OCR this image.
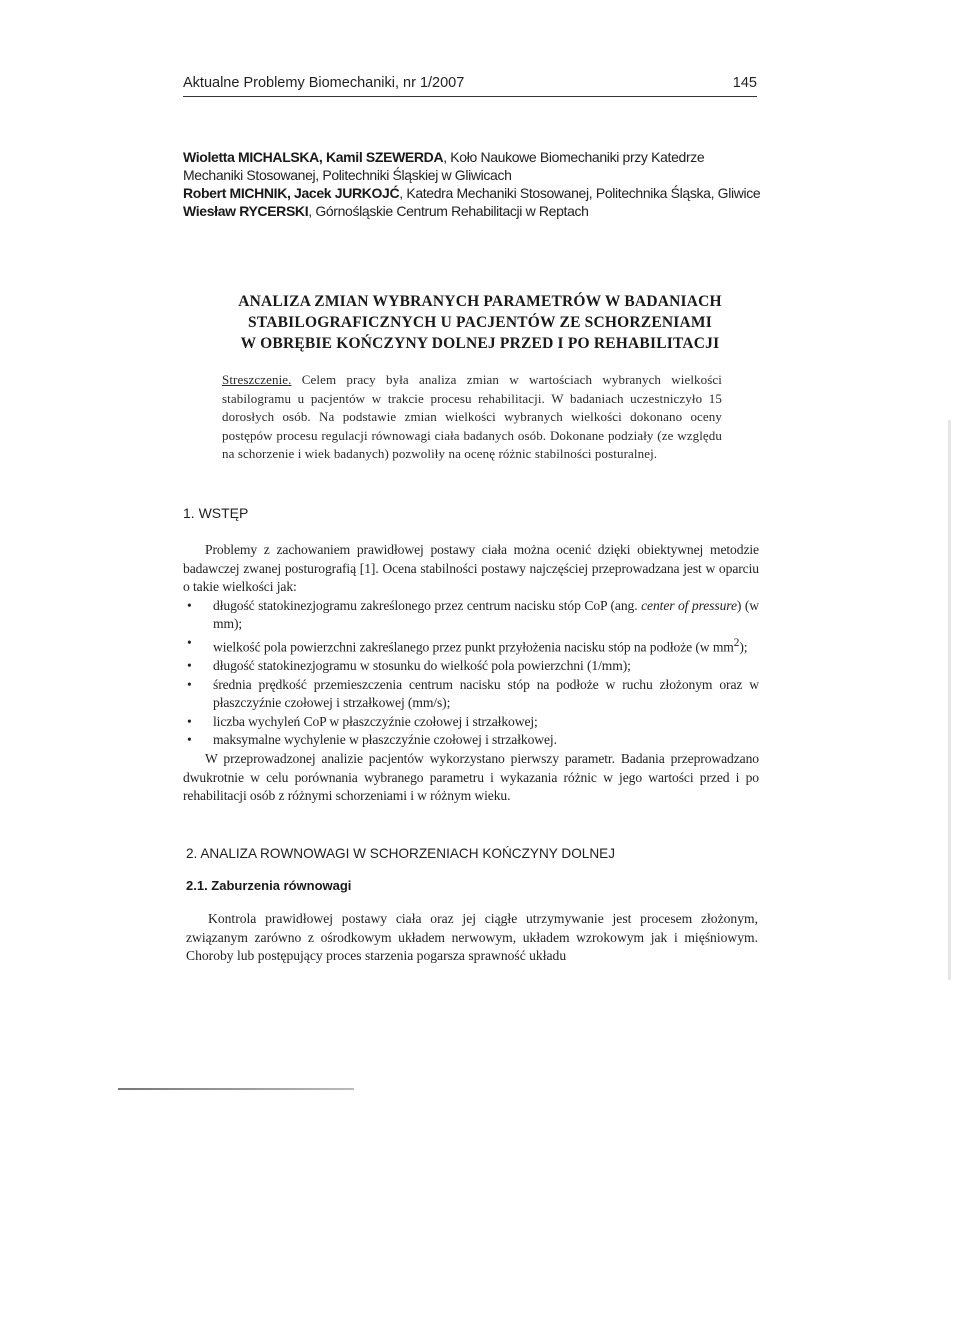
Aktualne Problemy Biomechaniki, nr 1/2007	145

Wioletta MICHALSKA, Kamil SZEWERDA, Koło Naukowe Biomechaniki przy Katedrze Mechaniki Stosowanej, Politechniki Śląskiej w Gliwicach

Robert MICHNIK, Jacek JURKOJĆ, Katedra Mechaniki Stosowanej, Politechnika Śląska, Gliwice

Wiesław RYCERSKI, Górnośląskie Centrum Rehabilitacji w Reptach

ANALIZA ZMIAN WYBRANYCH PARAMETRÓW W BADANIACH
STABILOGRAFICZNYCH U PACJENTÓW ZE SCHORZENIAMI
W OBRĘBIE KOŃCZYNY DOLNEJ PRZED I PO REHABILITACJI
Streszczenie. Celem pracy była analiza zmian w wartościach wybranych wielkości stabilogramu u pacjentów w trakcie procesu rehabilitacji. W badaniach uczestniczyło 15 dorosłych osób. Na podstawie zmian wielkości wybranych wielkości dokonano oceny postępów procesu regulacji równowagi ciała badanych osób. Dokonane podziały (ze względu na schorzenie i wiek badanych) pozwoliły na ocenę różnic stabilności posturalnej.
1. WSTĘP

Problemy z zachowaniem prawidłowej postawy ciała można ocenić dzięki obiektywnej metodzie badawczej zwanej posturografią [1]. Ocena stabilności postawy najczęściej przeprowadzana jest w oparciu o takie wielkości jak:

• długość statokinezjogramu zakreślonego przez centrum nacisku stóp CoP (ang. center of pressure) (w mm);
• wielkość pola powierzchni zakreślanego przez punkt przyłożenia nacisku stóp na podłoże (w $mm^2$);
• długość statokinezjogramu w stosunku do wielkość pola powierzchni (1/mm);
• średnia prędkość przemieszczenia centrum nacisku stóp na podłoże w ruchu złożonym oraz w płaszczyźnie czołowej i strzałkowej (mm/s);
• liczba wychyleń CoP w płaszczyźnie czołowej i strzałkowej;
• maksymalne wychylenie w płaszczyźnie czołowej i strzałkowej.

W przeprowadzonej analizie pacjentów wykorzystano pierwszy parametr. Badania przeprowadzano dwukrotnie w celu porównania wybranego parametru i wykazania różnic w jego wartości przed i po rehabilitacji osób z różnymi schorzeniami i w różnym wieku.

2. ANALIZA ROWNOWAGI W SCHORZENIACH KOŃCZYNY DOLNEJ
2.1. Zaburzenia równowagi

Kontrola prawidłowej postawy ciała oraz jej ciągłe utrzymywanie jest procesem złożonym, związanym zarówno z ośrodkowym układem nerwowym, układem wzrokowym jak i mięśniowym. Choroby lub postępujący proces starzenia pogarsza sprawność układu
